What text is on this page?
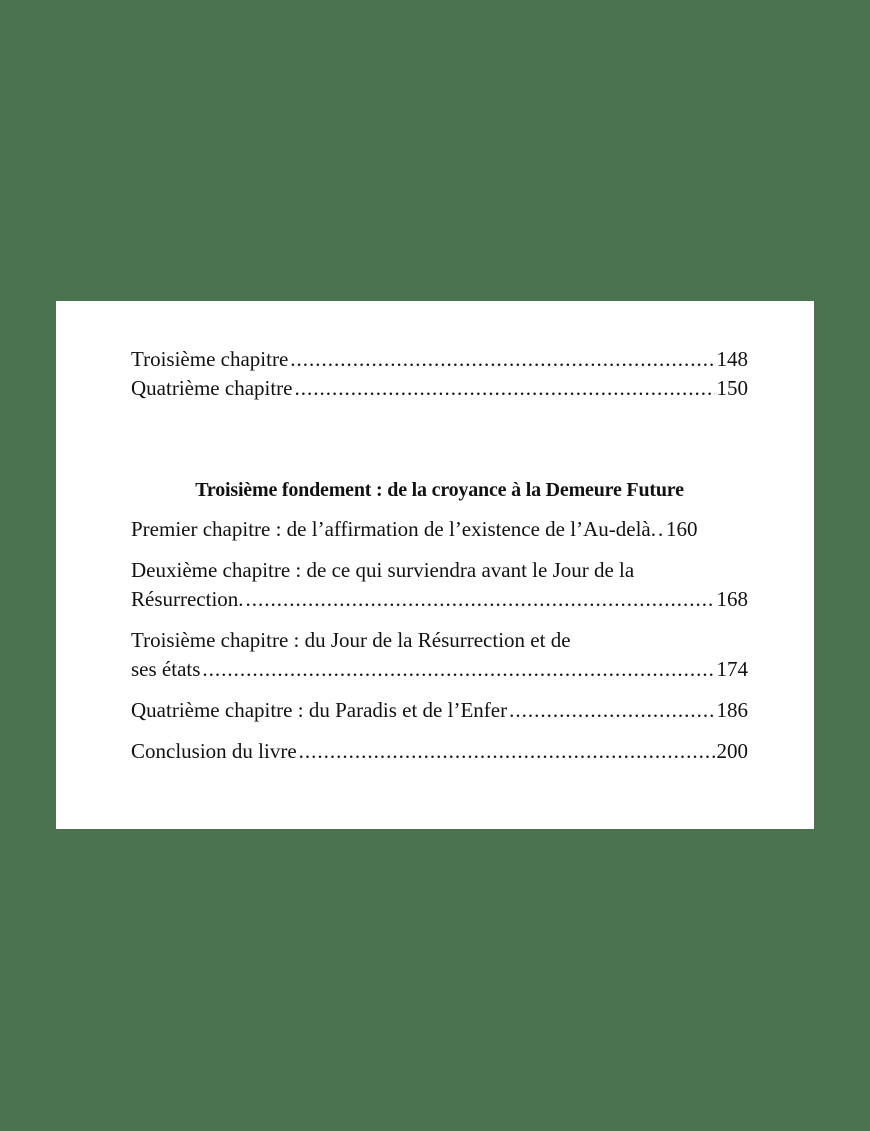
Troisième chapitre .....	148
Quatrième chapitre .....	150
Troisième fondement : de la croyance à la Demeure Future
Premier chapitre : de l’affirmation de l’existence de l’Au-delà. ..... 160
Deuxième chapitre : de ce qui surviendra avant le Jour de la
Résurrection. .....	168
Troisième chapitre : du Jour de la Résurrection et de
ses états .....	174
Quatrième chapitre : du Paradis et de l’Enfer .....	186
Conclusion du livre .....	200
